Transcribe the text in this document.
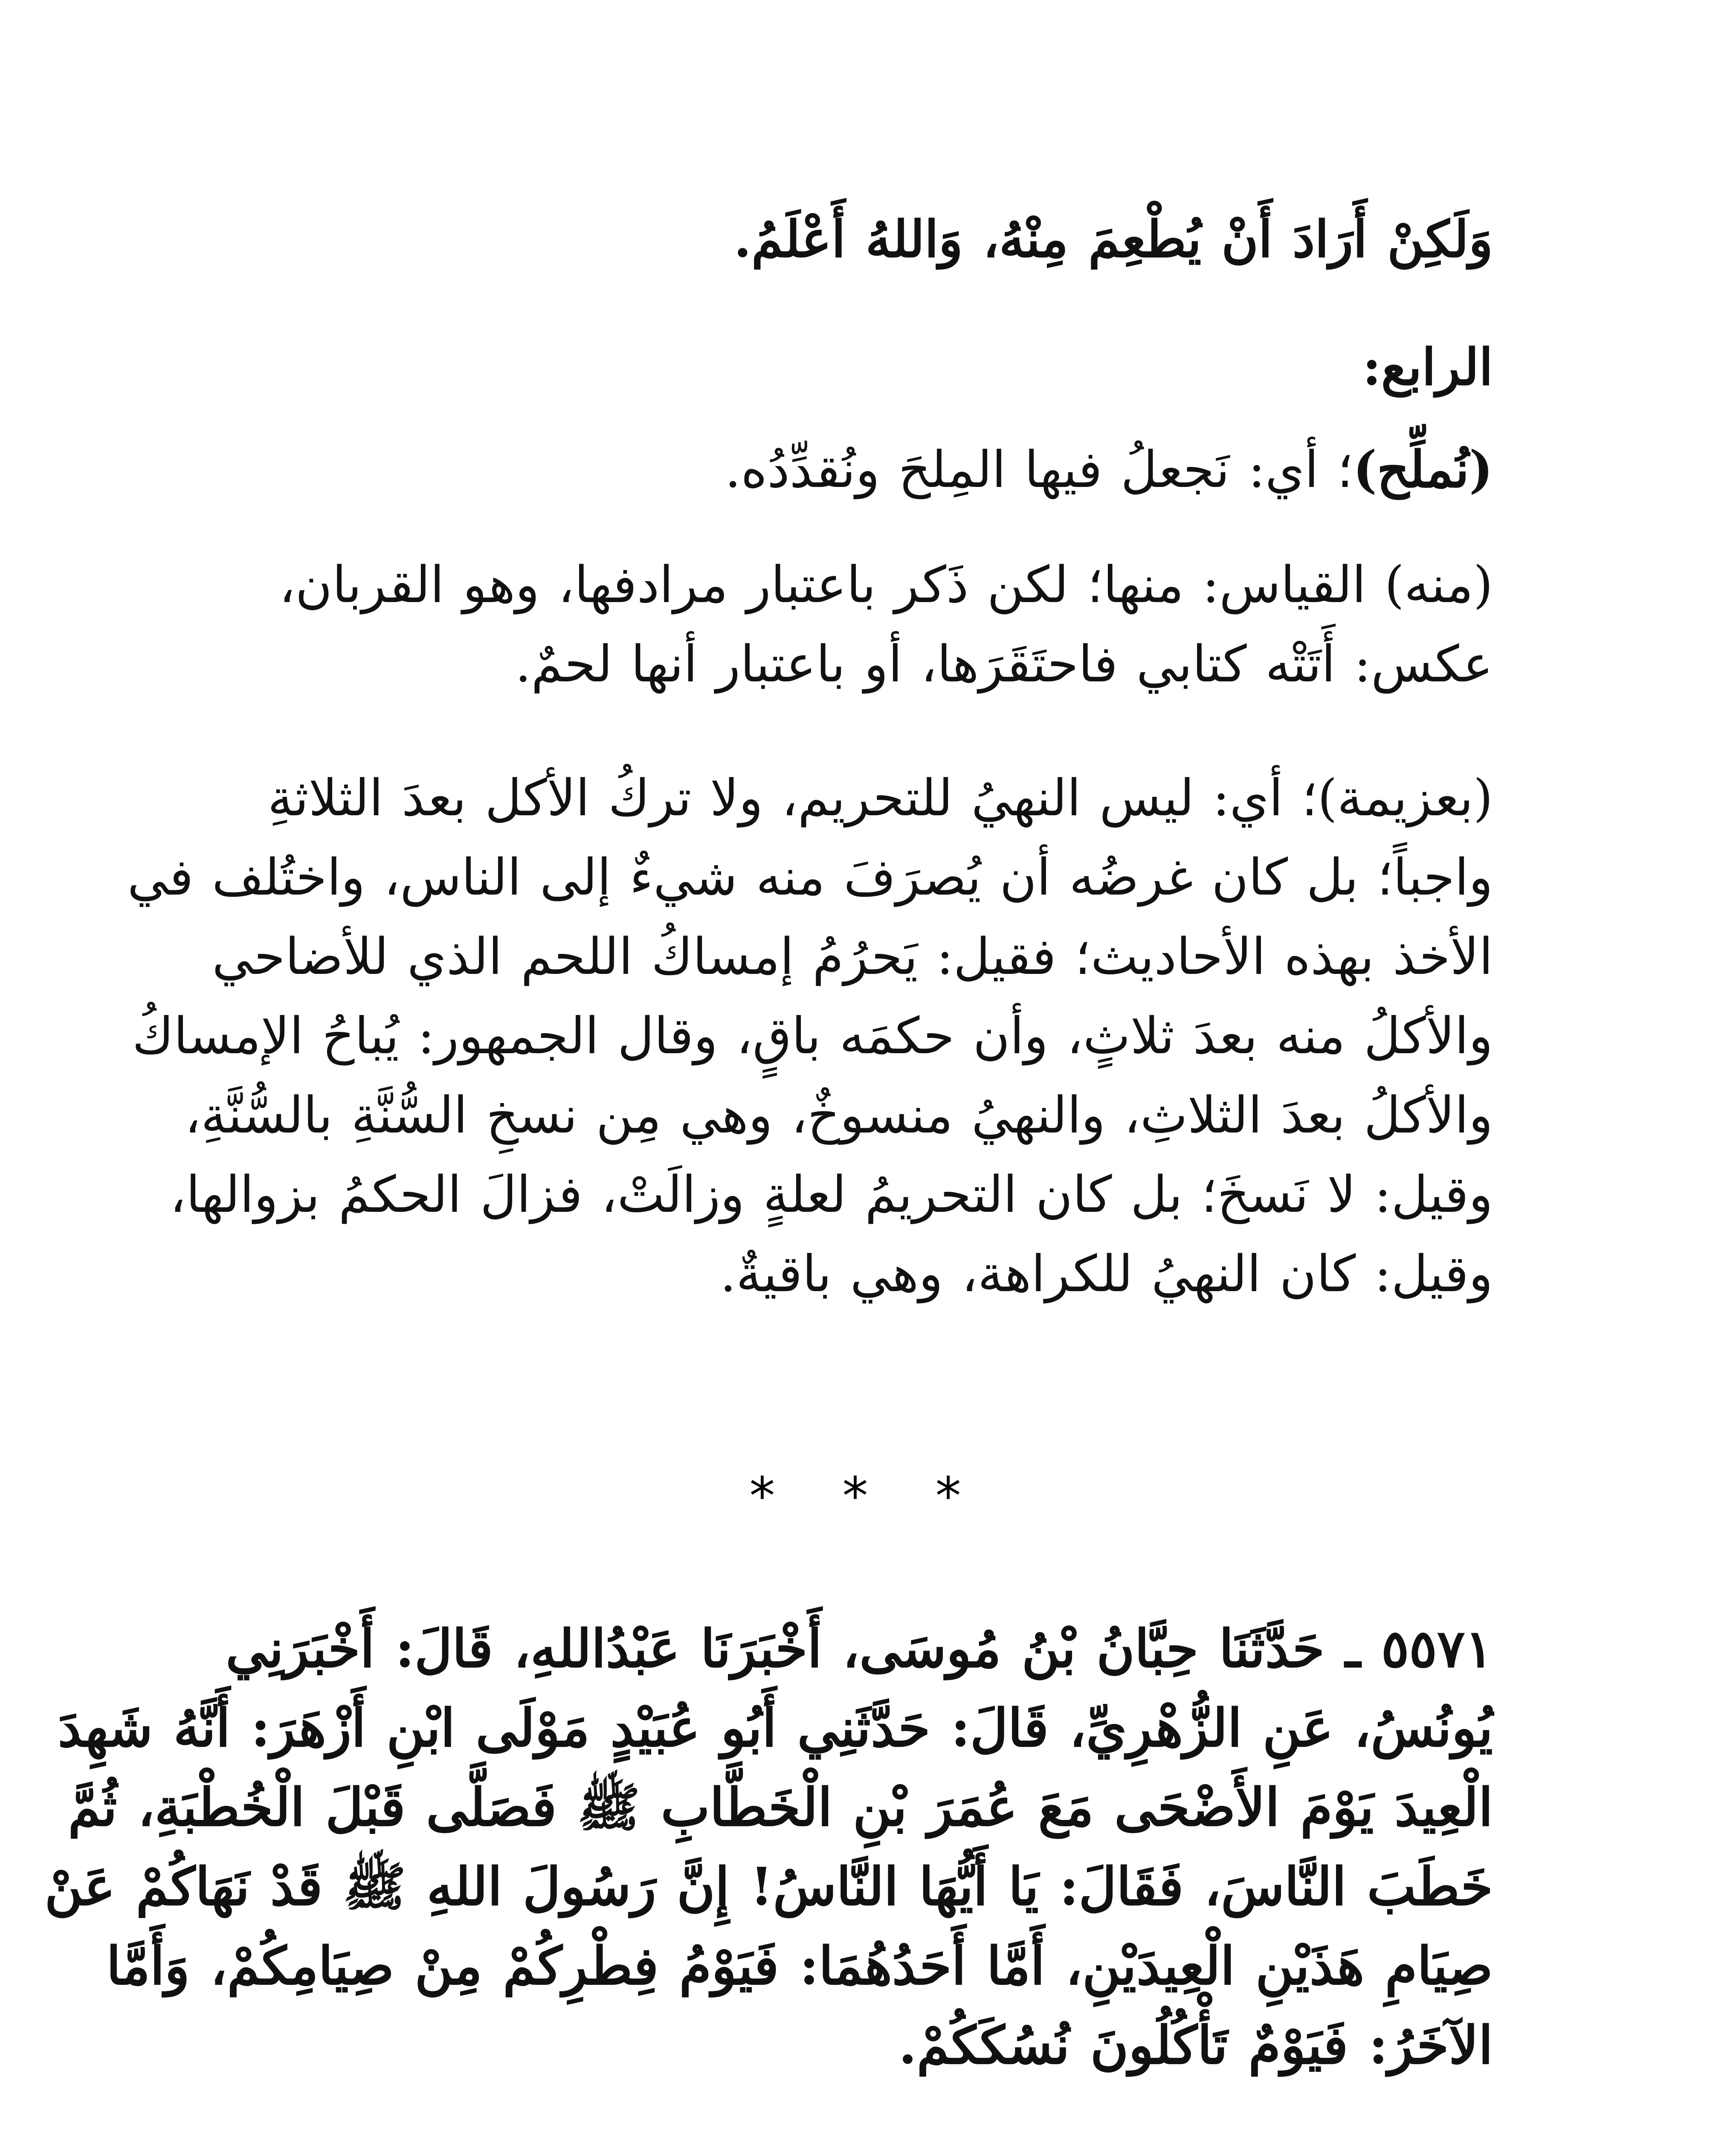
وَلَكِنْ أَرَادَ أَنْ يُطْعِمَ مِنْهُ، وَاللهُ أَعْلَمُ.
الرابع:
(نُملِّح)؛ أي: نَجعلُ فيها المِلحَ ونُقدِّدُه.
(منه) القياس: منها؛ لكن ذَكر باعتبار مرادفها، وهو القربان،
عكس: أَتَتْه كتابي فاحتَقَرَها، أو باعتبار أنها لحمٌ.
(بعزيمة)؛ أي: ليس النهيُ للتحريم، ولا تركُ الأكل بعدَ الثلاثةِ
واجباً؛ بل كان غرضُه أن يُصرَفَ منه شيءٌ إلى الناس، واختُلف في
الأخذ بهذه الأحاديث؛ فقيل: يَحرُمُ إمساكُ اللحم الذي للأضاحي
والأكلُ منه بعدَ ثلاثٍ، وأن حكمَه باقٍ، وقال الجمهور: يُباحُ الإمساكُ
والأكلُ بعدَ الثلاثِ، والنهيُ منسوخٌ، وهي مِن نسخِ السُّنَّةِ بالسُّنَّةِ،
وقيل: لا نَسخَ؛ بل كان التحريمُ لعلةٍ وزالَتْ، فزالَ الحكمُ بزوالها،
وقيل: كان النهيُ للكراهة، وهي باقيةٌ.
* * *
٥٥٧١ ـ حَدَّثَنَا حِبَّانُ بْنُ مُوسَى، أَخْبَرَنَا عَبْدُاللهِ، قَالَ: أَخْبَرَنِي
يُونُسُ، عَنِ الزُّهْرِيِّ، قَالَ: حَدَّثَنِي أَبُو عُبَيْدٍ مَوْلَى ابْنِ أَزْهَرَ: أَنَّهُ شَهِدَ
الْعِيدَ يَوْمَ الأَضْحَى مَعَ عُمَرَ بْنِ الْخَطَّابِ ﷺ فَصَلَّى قَبْلَ الْخُطْبَةِ، ثُمَّ
خَطَبَ النَّاسَ، فَقَالَ: يَا أَيُّهَا النَّاسُ! إِنَّ رَسُولَ اللهِ ﷺ قَدْ نَهَاكُمْ عَنْ
صِيَامِ هَذَيْنِ الْعِيدَيْنِ، أَمَّا أَحَدُهُمَا: فَيَوْمُ فِطْرِكُمْ مِنْ صِيَامِكُمْ، وَأَمَّا
الآخَرُ: فَيَوْمٌ تَأْكُلُونَ نُسُكَكُمْ.
